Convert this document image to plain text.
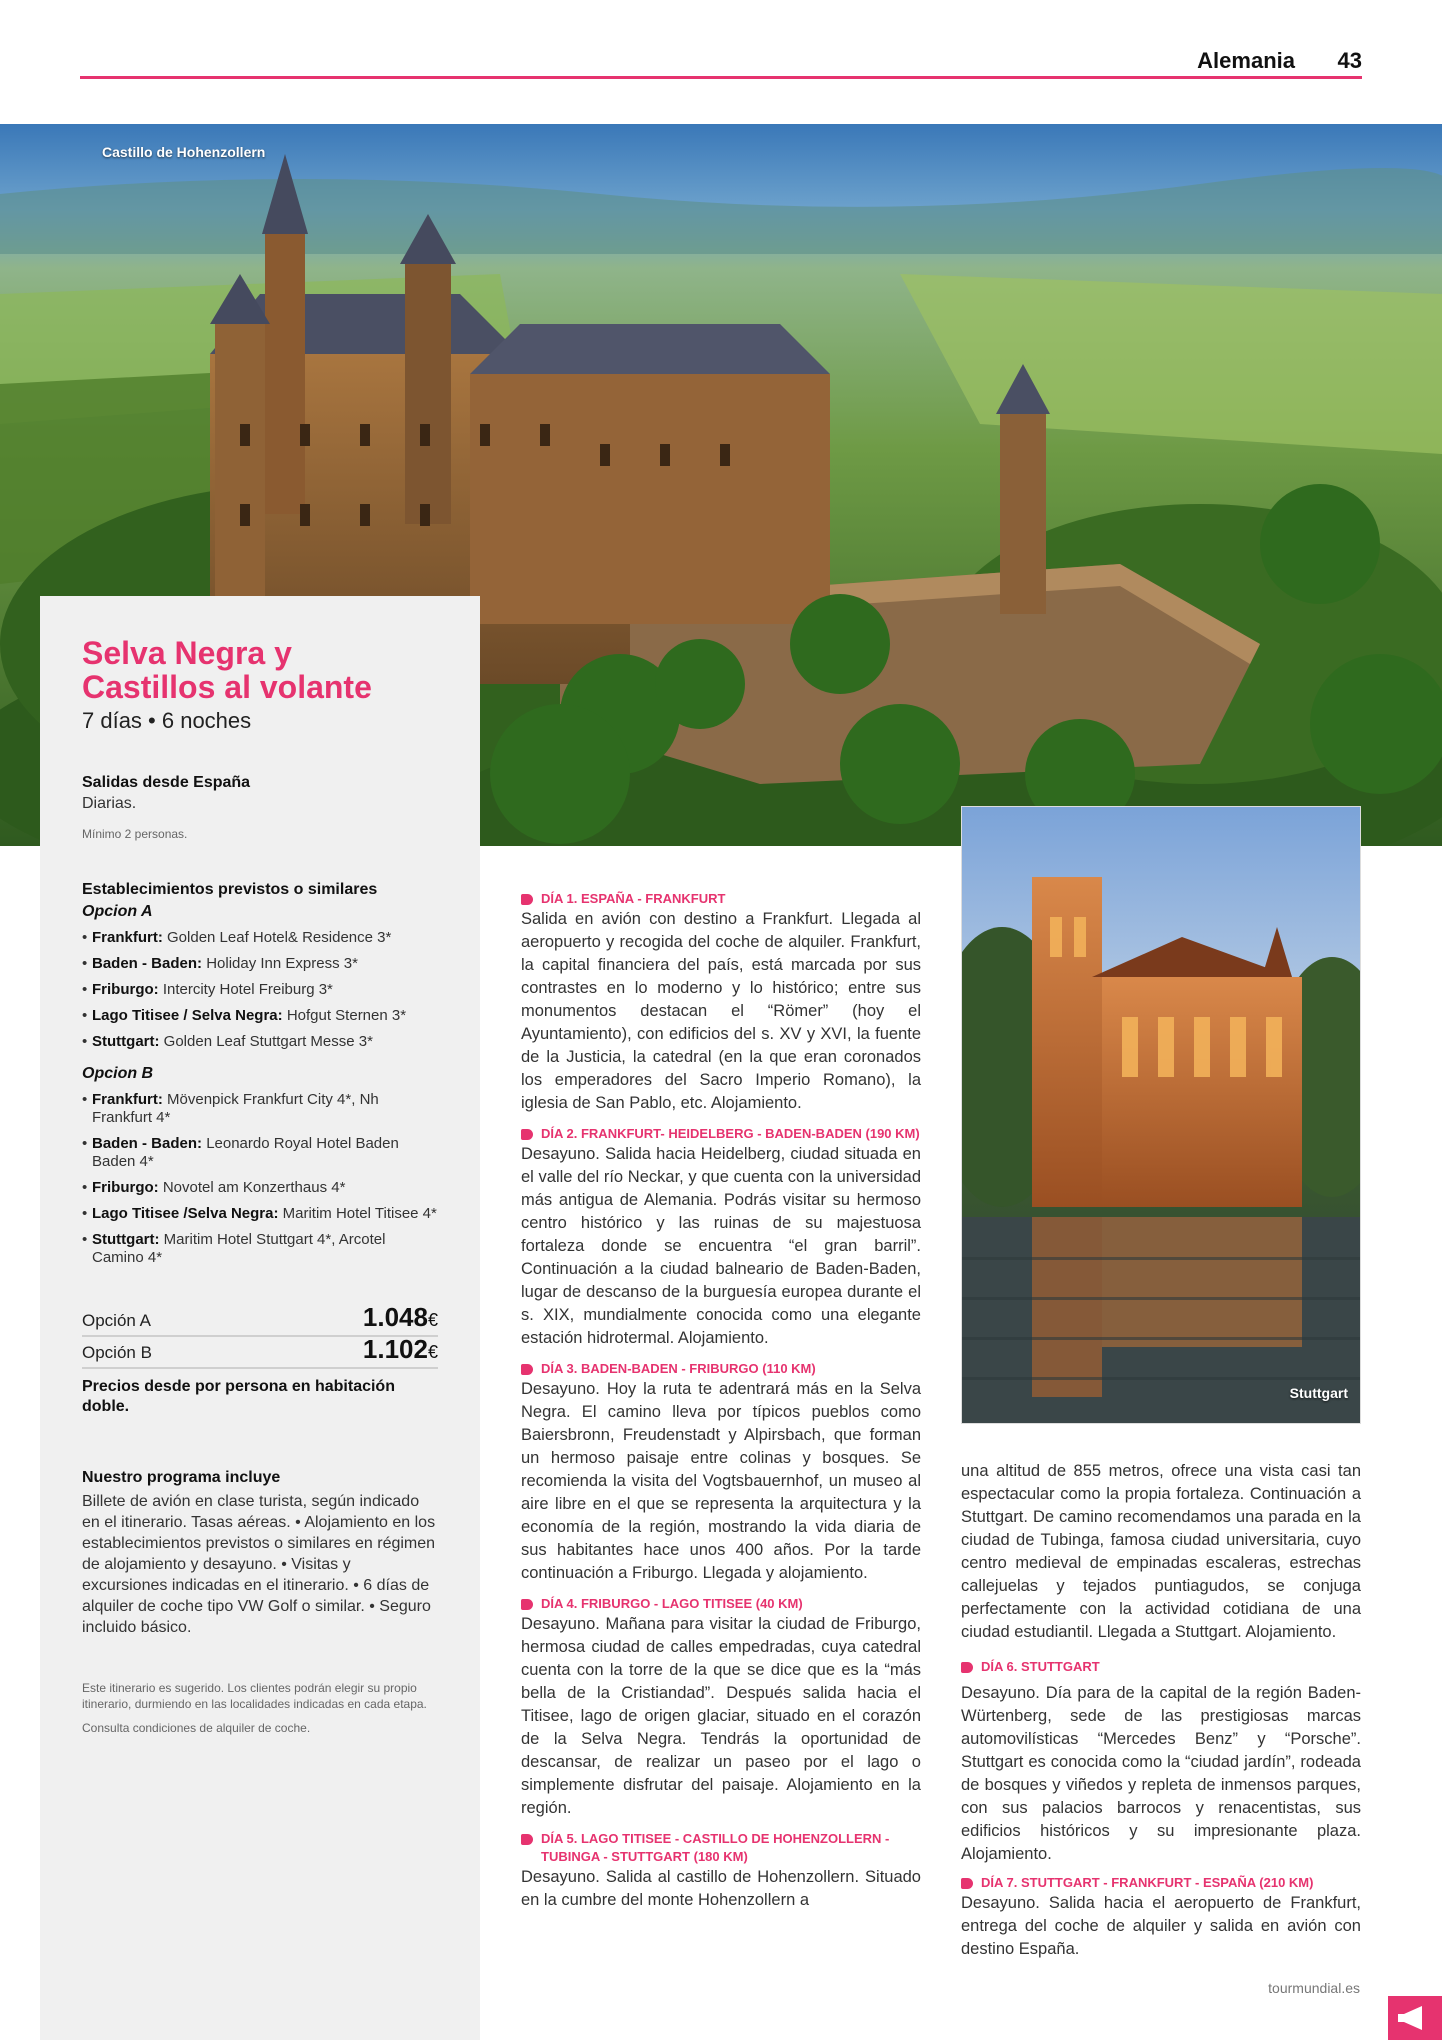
Alemania 43
Castillo de Hohenzollern
Selva Negra y
Castillos al volante
7 días • 6 noches
Salidas desde España
Diarias.
Mínimo 2 personas.
Establecimientos previstos o similares
Opcion A
• Frankfurt: Golden Leaf Hotel& Residence 3*
• Baden - Baden: Holiday Inn Express 3*
• Friburgo: Intercity Hotel Freiburg 3*
• Lago Titisee / Selva Negra: Hofgut Sternen 3*
• Stuttgart: Golden Leaf Stuttgart Messe 3*
Opcion B
• Frankfurt: Mövenpick Frankfurt City 4*, Nh Frankfurt 4*
• Baden - Baden: Leonardo Royal Hotel Baden Baden 4*
• Friburgo: Novotel am Konzerthaus 4*
• Lago Titisee /Selva Negra: Maritim Hotel Titisee 4*
• Stuttgart: Maritim Hotel Stuttgart 4*, Arcotel Camino 4*
Opción A	1.048€
Opción B	1.102€
Precios desde por persona en habitación doble.
Nuestro programa incluye
Billete de avión en clase turista, según indicado en el itinerario. Tasas aéreas. • Alojamiento en los establecimientos previstos o similares en régimen de alojamiento y desayuno. • Visitas y excursiones indicadas en el itinerario. • 6 días de alquiler de coche tipo VW Golf o similar. • Seguro incluido básico.
Este itinerario es sugerido. Los clientes podrán elegir su propio itinerario, durmiendo en las localidades indicadas en cada etapa.
Consulta condiciones de alquiler de coche.
DÍA 1. ESPAÑA - FRANKFURT
Salida en avión con destino a Frankfurt. Llegada al aeropuerto y recogida del coche de alquiler. Frankfurt, la capital financiera del país, está marcada por sus contrastes en lo moderno y lo histórico; entre sus monumentos destacan el “Römer” (hoy el Ayuntamiento), con edificios del s. XV y XVI, la fuente de la Justicia, la catedral (en la que eran coronados los emperadores del Sacro Imperio Romano), la iglesia de San Pablo, etc. Alojamiento.
DÍA 2. FRANKFURT- HEIDELBERG - BADEN-BADEN (190 KM)
Desayuno. Salida hacia Heidelberg, ciudad situada en el valle del río Neckar, y que cuenta con la universidad más antigua de Alemania. Podrás visitar su hermoso centro histórico y las ruinas de su majestuosa fortaleza donde se encuentra “el gran barril”. Continuación a la ciudad balneario de Baden-Baden, lugar de descanso de la burguesía europea durante el s. XIX, mundialmente conocida como una elegante estación hidrotermal. Alojamiento.
DÍA 3. BADEN-BADEN - FRIBURGO (110 KM)
Desayuno. Hoy la ruta te adentrará más en la Selva Negra. El camino lleva por típicos pueblos como Baiersbronn, Freudenstadt y Alpirsbach, que forman un hermoso paisaje entre colinas y bosques. Se recomienda la visita del Vogtsbauernhof, un museo al aire libre en el que se representa la arquitectura y la economía de la región, mostrando la vida diaria de sus habitantes hace unos 400 años. Por la tarde continuación a Friburgo. Llegada y alojamiento.
DÍA 4. FRIBURGO - LAGO TITISEE (40 KM)
Desayuno. Mañana para visitar la ciudad de Friburgo, hermosa ciudad de calles empedradas, cuya catedral cuenta con la torre de la que se dice que es la “más bella de la Cristiandad”. Después salida hacia el Titisee, lago de origen glaciar, situado en el corazón de la Selva Negra. Tendrás la oportunidad de descansar, de realizar un paseo por el lago o simplemente disfrutar del paisaje. Alojamiento en la región.
DÍA 5. LAGO TITISEE - CASTILLO DE HOHENZOLLERN - TUBINGA - STUTTGART (180 KM)
Desayuno. Salida al castillo de Hohenzollern. Situado en la cumbre del monte Hohenzollern a
Stuttgart
una altitud de 855 metros, ofrece una vista casi tan espectacular como la propia fortaleza. Continuación a Stuttgart. De camino recomendamos una parada en la ciudad de Tubinga, famosa ciudad universitaria, cuyo centro medieval de empinadas escaleras, estrechas callejuelas y tejados puntiagudos, se conjuga perfectamente con la actividad cotidiana de una ciudad estudiantil. Llegada a Stuttgart. Alojamiento.
DÍA 6. STUTTGART
Desayuno. Día para de la capital de la región Baden-Würtenberg, sede de las prestigiosas marcas automovilísticas “Mercedes Benz” y “Porsche”. Stuttgart es conocida como la “ciudad jardín”, rodeada de bosques y viñedos y repleta de inmensos parques, con sus palacios barrocos y renacentistas, sus edificios históricos y su impresionante plaza. Alojamiento.
DÍA 7. STUTTGART - FRANKFURT - ESPAÑA (210 KM)
Desayuno. Salida hacia el aeropuerto de Frankfurt, entrega del coche de alquiler y salida en avión con destino España.
tourmundial.es
